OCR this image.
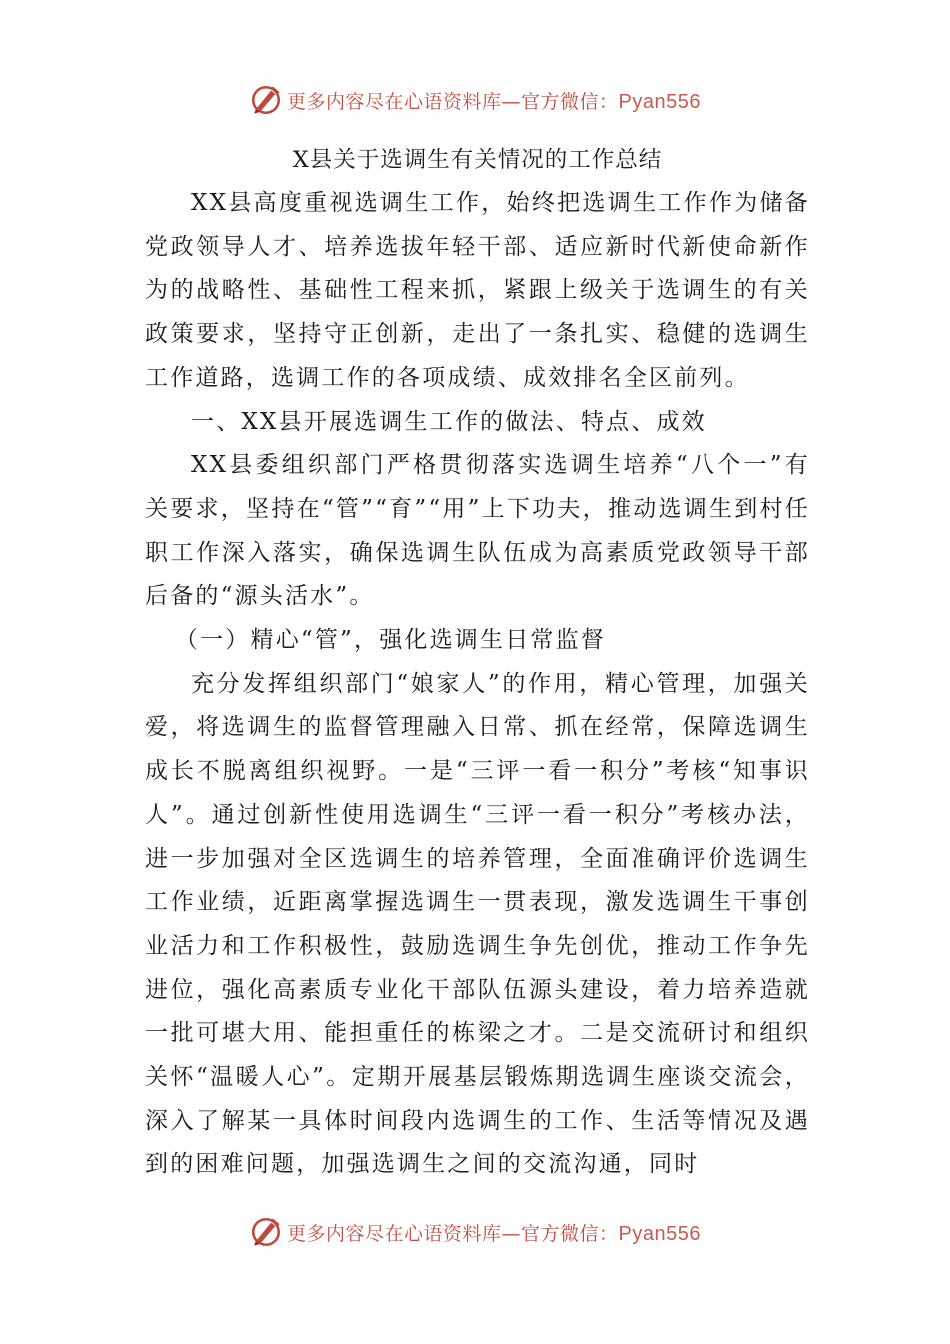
更多内容尽在心语资料库—官方微信：Pyan556
X县关于选调生有关情况的工作总结

XX县高度重视选调生工作，始终把选调生工作作为储备党政领导人才、培养选拔年轻干部、适应新时代新使命新作为的战略性、基础性工程来抓，紧跟上级关于选调生的有关政策要求，坚持守正创新，走出了一条扎实、稳健的选调生工作道路，选调工作的各项成绩、成效排名全区前列。

一、XX县开展选调生工作的做法、特点、成效

XX县委组织部门严格贯彻落实选调生培养“八个一”有关要求，坚持在“管”“育”“用”上下功夫，推动选调生到村任职工作深入落实，确保选调生队伍成为高素质党政领导干部后备的“源头活水”。

（一）精心“管”，强化选调生日常监督

充分发挥组织部门“娘家人”的作用，精心管理，加强关爱，将选调生的监督管理融入日常、抓在经常，保障选调生成长不脱离组织视野。一是“三评一看一积分”考核“知事识人”。通过创新性使用选调生“三评一看一积分”考核办法，进一步加强对全区选调生的培养管理，全面准确评价选调生工作业绩，近距离掌握选调生一贯表现，激发选调生干事创业活力和工作积极性，鼓励选调生争先创优，推动工作争先进位，强化高素质专业化干部队伍源头建设，着力培养造就一批可堪大用、能担重任的栋梁之才。二是交流研讨和组织关怀“温暖人心”。定期开展基层锻炼期选调生座谈交流会，深入了解某一具体时间段内选调生的工作、生活等情况及遇到的困难问题，加强选调生之间的交流沟通，同时

更多内容尽在心语资料库—官方微信：Pyan556
